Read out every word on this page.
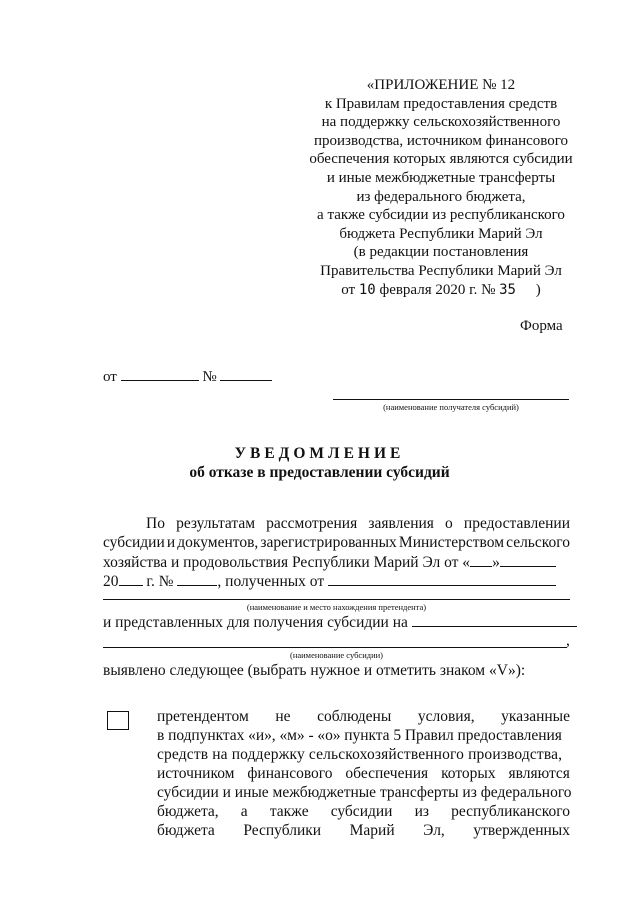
«ПРИЛОЖЕНИЕ № 12
к Правилам предоставления средств
на поддержку сельскохозяйственного
производства, источником финансового
обеспечения которых являются субсидии
и иные межбюджетные трансферты
из федерального бюджета,
а также субсидии из республиканского
бюджета Республики Марий Эл
(в редакции постановления
Правительства Республики Марий Эл
от 10 февраля 2020 г. № 35 )
Форма
от	№
(наименование получателя субсидий)
УВЕДОМЛЕНИЕ
об отказе в предоставлении субсидий
По результатам рассмотрения заявления о предоставлении
субсидии и документов, зарегистрированных Министерством сельского
хозяйства и продовольствия Республики Марий Эл от « »
20 г. №	, полученных от
(наименование и место нахождения претендента)
и представленных для получения субсидии на
,
(наименование субсидии)
выявлено следующее (выбрать нужное и отметить знаком «V»):
претендентом не соблюдены условия, указанные
в подпунктах «и», «м» - «о» пункта 5 Правил предоставления
средств на поддержку сельскохозяйственного производства,
источником финансового обеспечения которых являются
субсидии и иные межбюджетные трансферты из федерального
бюджета, а также субсидии из республиканского
бюджета Республики Марий Эл, утвержденных
